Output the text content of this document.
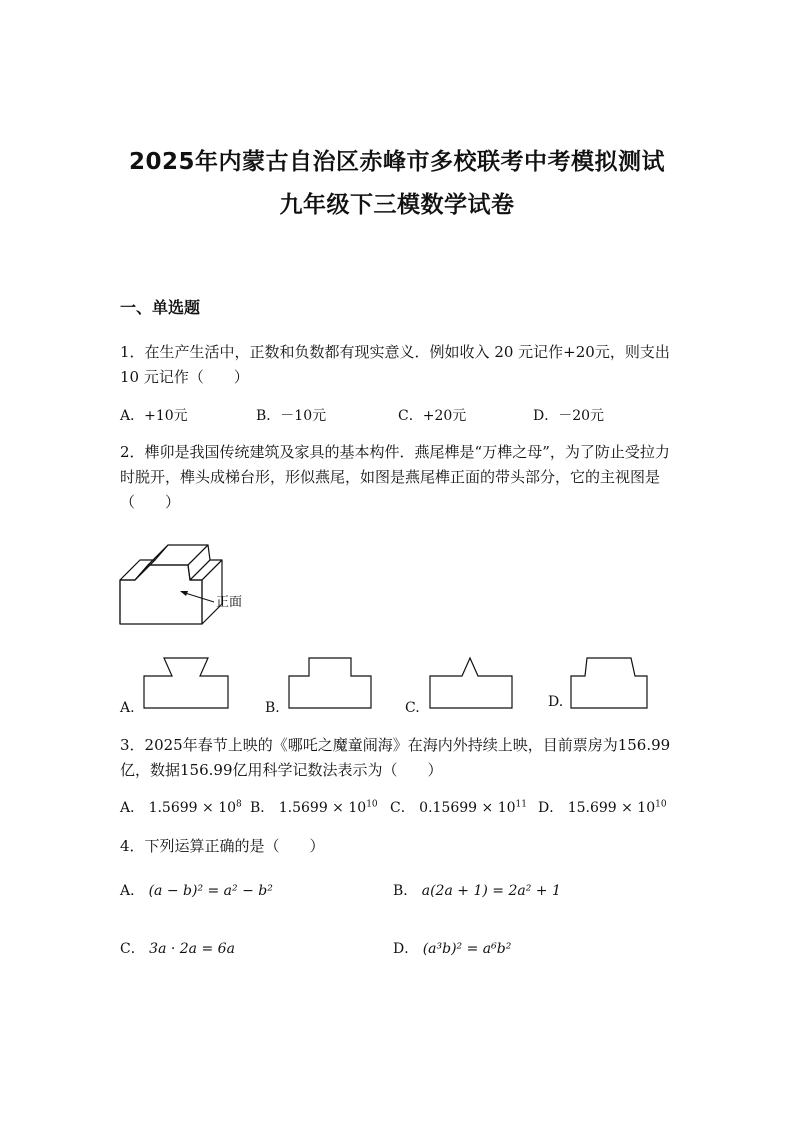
2025年内蒙古自治区赤峰市多校联考中考模拟测试
九年级下三模数学试卷
一、单选题
1．在生产生活中，正数和负数都有现实意义．例如收入 20 元记作+20元，则支出 10 元记作（　　）
A．+10元	B．－10元	C．+20元	D．－20元
2．榫卯是我国传统建筑及家具的基本构件．燕尾榫是“万榫之母”，为了防止受拉力时脱开，榫头成梯台形，形似燕尾，如图是燕尾榫正面的带头部分，它的主视图是（　　）
正面
A.	B.	C.	D.
3．2025年春节上映的《哪吒之魔童闹海》在海内外持续上映，目前票房为156.99亿，数据156.99亿用科学记数法表示为（　　）
A． $1.5699 \times 10^8$ B． $1.5699 \times 10^{10}$ C． $0.15699 \times 10^{11}$ D． $15.699 \times 10^{10}$
4．下列运算正确的是（　　）
A． (a − b)² = a² − b²	B． a(2a + 1) = 2a² + 1
C． 3a · 2a = 6a	D． (a³b)² = a⁶b²
